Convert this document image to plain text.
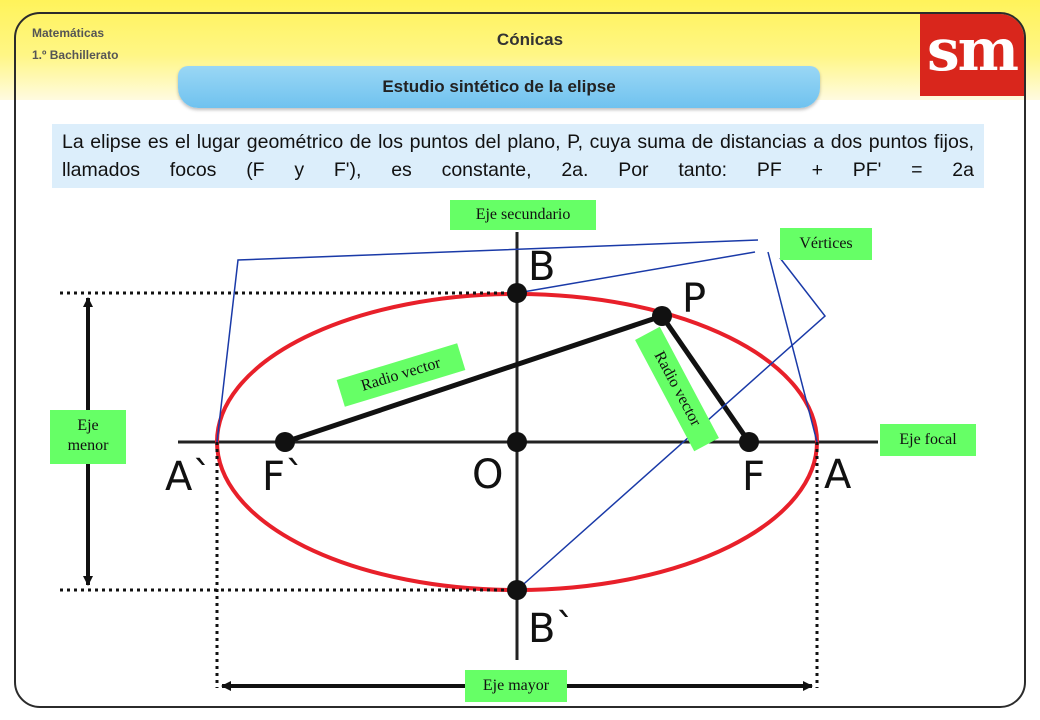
Matemáticas
1.º Bachillerato
Cónicas
Estudio sintético de la elipse
sm
La elipse es el lugar geométrico de los puntos del plano, P, cuya suma de distancias a dos puntos fijos, llamados focos (F y F'), es constante, 2a. Por tanto: PF + PF' = 2a
B
B`
P
A` F`	O	F A
Eje secundario
Vértices
Radio vector	Radio vector
Eje
menor	Eje focal
Eje mayor
